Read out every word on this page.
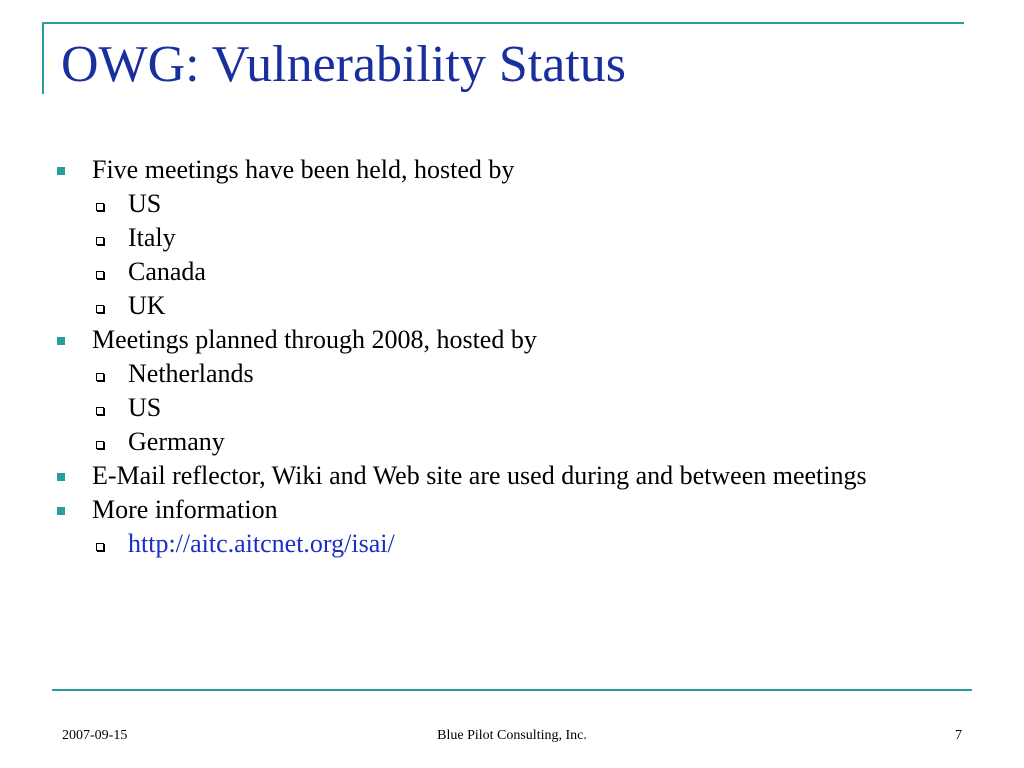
OWG: Vulnerability Status
Five meetings have been held, hosted by
US
Italy
Canada
UK
Meetings planned through 2008, hosted by
Netherlands
US
Germany
E-Mail reflector, Wiki and Web site are used during and between meetings
More information
http://aitc.aitcnet.org/isai/
2007-09-15	Blue Pilot Consulting, Inc.	7
